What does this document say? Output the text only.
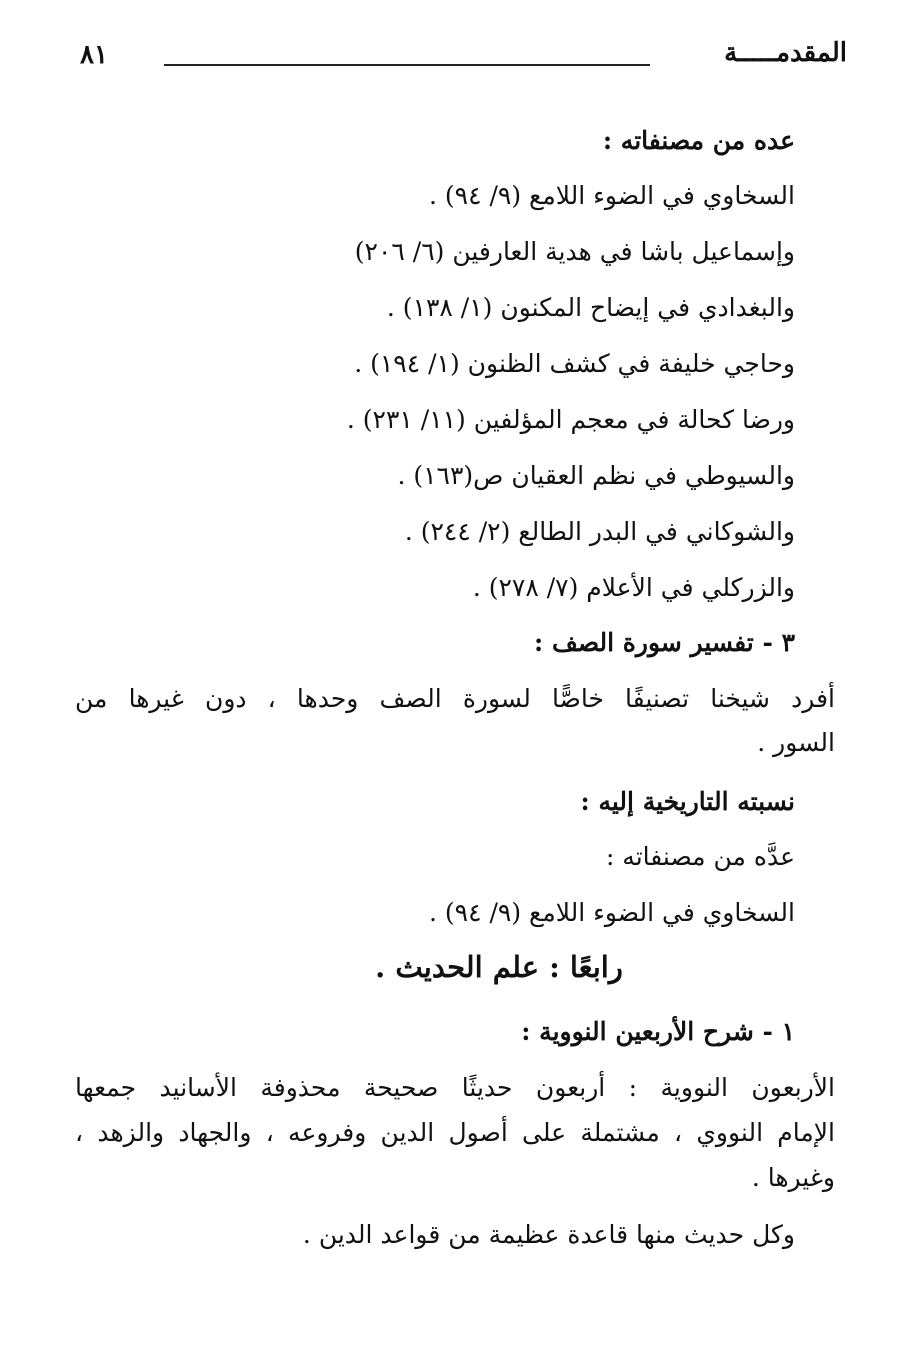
المقدمـــــة
٨١
عده من مصنفاته :
السخاوي في الضوء اللامع (٩/ ٩٤) .
وإسماعيل باشا في هدية العارفين (٦/ ٢٠٦)
والبغدادي في إيضاح المكنون (١/ ١٣٨) .
وحاجي خليفة في كشف الظنون (١/ ١٩٤) .
ورضا كحالة في معجم المؤلفين (١١/ ٢٣١) .
والسيوطي في نظم العقيان ص(١٦٣) .
والشوكاني في البدر الطالع (٢/ ٢٤٤) .
والزركلي في الأعلام (٧/ ٢٧٨) .
٣ - تفسير سورة الصف :
أفرد شيخنا تصنيفًا خاصًّا لسورة الصف وحدها ، دون غيرها من
السور .
نسبته التاريخية إليه :
عدَّه من مصنفاته :
السخاوي في الضوء اللامع (٩/ ٩٤) .
رابعًا : علم الحديث .
١ - شرح الأربعين النووية :
الأربعون النووية : أربعون حديثًا صحيحة محذوفة الأسانيد جمعها
الإمام النووي ، مشتملة على أصول الدين وفروعه ، والجهاد والزهد ،
وغيرها .
وكل حديث منها قاعدة عظيمة من قواعد الدين .
